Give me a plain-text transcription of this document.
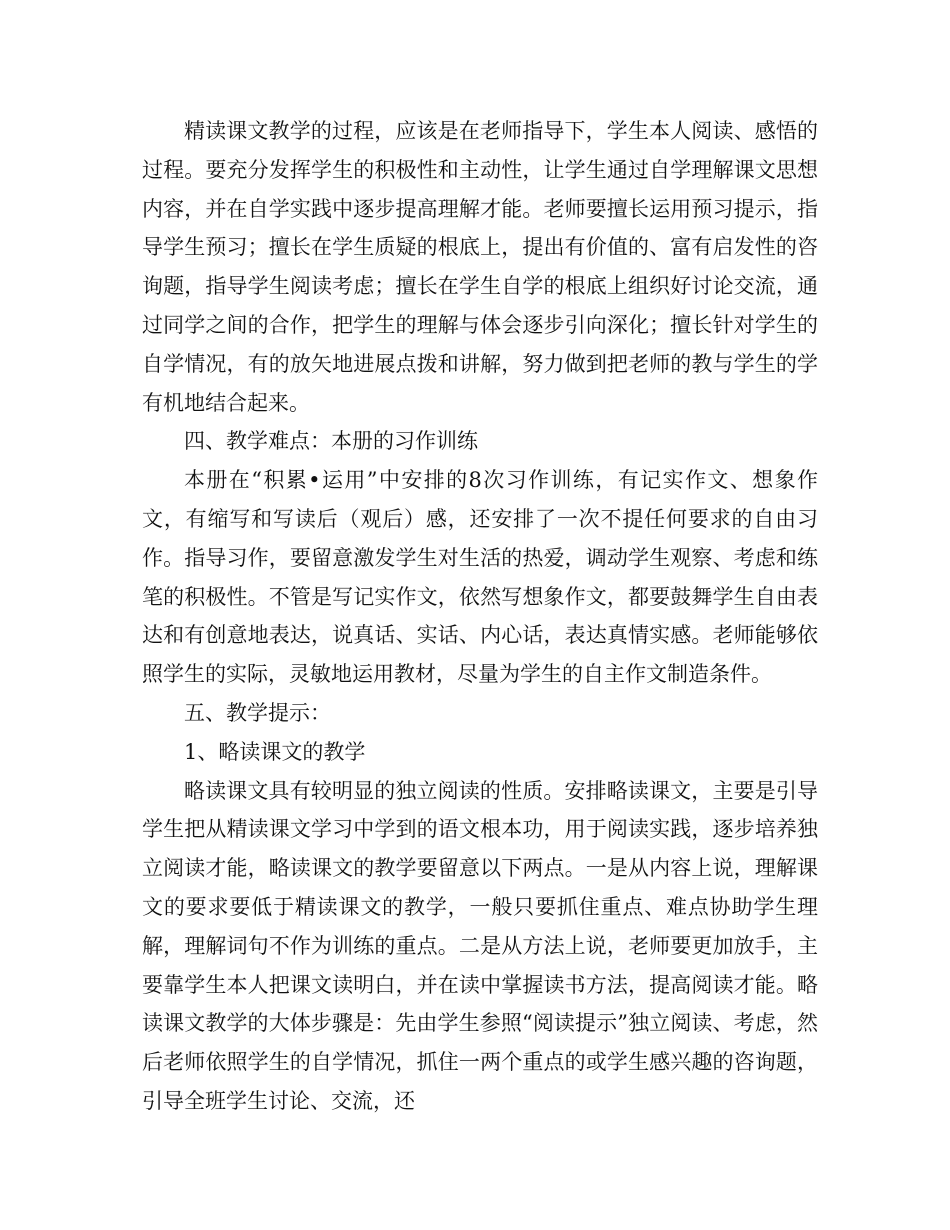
精读课文教学的过程，应该是在老师指导下，学生本人阅读、感悟的过程。要充分发挥学生的积极性和主动性，让学生通过自学理解课文思想内容，并在自学实践中逐步提高理解才能。老师要擅长运用预习提示，指导学生预习；擅长在学生质疑的根底上，提出有价值的、富有启发性的咨询题，指导学生阅读考虑；擅长在学生自学的根底上组织好讨论交流，通过同学之间的合作，把学生的理解与体会逐步引向深化；擅长针对学生的自学情况，有的放矢地进展点拨和讲解，努力做到把老师的教与学生的学有机地结合起来。

四、教学难点：本册的习作训练

本册在“积累•运用”中安排的8次习作训练，有记实作文、想象作文，有缩写和写读后（观后）感，还安排了一次不提任何要求的自由习作。指导习作，要留意激发学生对生活的热爱，调动学生观察、考虑和练笔的积极性。不管是写记实作文，依然写想象作文，都要鼓舞学生自由表达和有创意地表达，说真话、实话、内心话，表达真情实感。老师能够依照学生的实际，灵敏地运用教材，尽量为学生的自主作文制造条件。

五、教学提示：

1、略读课文的教学

略读课文具有较明显的独立阅读的性质。安排略读课文，主要是引导学生把从精读课文学习中学到的语文根本功，用于阅读实践，逐步培养独立阅读才能，略读课文的教学要留意以下两点。一是从内容上说，理解课文的要求要低于精读课文的教学，一般只要抓住重点、难点协助学生理解，理解词句不作为训练的重点。二是从方法上说，老师要更加放手，主要靠学生本人把课文读明白，并在读中掌握读书方法，提高阅读才能。略读课文教学的大体步骤是：先由学生参照“阅读提示”独立阅读、考虑，然后老师依照学生的自学情况，抓住一两个重点的或学生感兴趣的咨询题，引导全班学生讨论、交流，还
